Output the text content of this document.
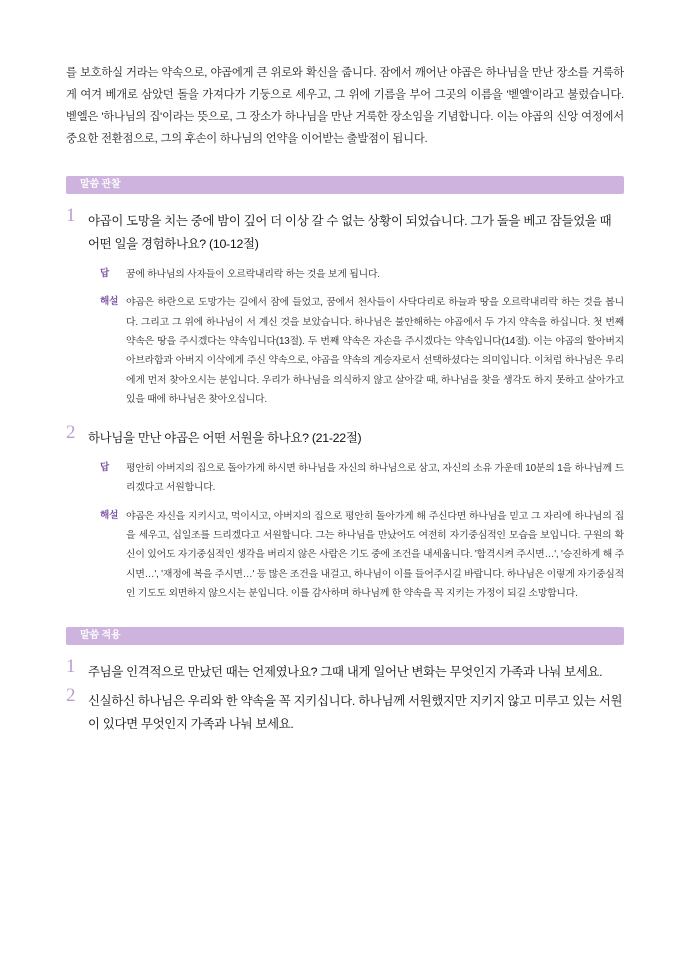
를 보호하실 거라는 약속으로, 야곱에게 큰 위로와 확신을 줍니다. 잠에서 깨어난 야곱은 하나님을 만난 장소를 거룩하게 여겨 베개로 삼았던 돌을 가져다가 기둥으로 세우고, 그 위에 기름을 부어 그곳의 이름을 '벧엘'이라고 불렀습니다. 벧엘은 '하나님의 집'이라는 뜻으로, 그 장소가 하나님을 만난 거룩한 장소임을 기념합니다. 이는 야곱의 신앙 여정에서 중요한 전환점으로, 그의 후손이 하나님의 언약을 이어받는 출발점이 됩니다.

말씀 관찰
1 야곱이 도망을 치는 중에 밤이 깊어 더 이상 갈 수 없는 상황이 되었습니다. 그가 돌을 베고 잠들었을 때 어떤 일을 경험하나요? (10-12절)

답	꿈에 하나님의 사자들이 오르락내리락 하는 것을 보게 됩니다.
해설 야곱은 하란으로 도망가는 길에서 잠에 들었고, 꿈에서 천사들이 사닥다리로 하늘과 땅을 오르락내리락 하는 것을 봅니다. 그리고 그 위에 하나님이 서 계신 것을 보았습니다. 하나님은 불안해하는 야곱에서 두 가지 약속을 하십니다. 첫 번째 약속은 땅을 주시겠다는 약속입니다(13절). 두 번째 약속은 자손을 주시겠다는 약속입니다(14절). 이는 야곱의 할아버지 아브라함과 아버지 이삭에게 주신 약속으로, 야곱을 약속의 계승자로서 선택하셨다는 의미입니다. 이처럼 하나님은 우리에게 먼저 찾아오시는 분입니다. 우리가 하나님을 의식하지 않고 살아갈 때, 하나님을 찾을 생각도 하지 못하고 살아가고 있을 때에 하나님은 찾아오십니다.
2 하나님을 만난 야곱은 어떤 서원을 하나요? (21-22절)

답	평안히 아버지의 집으로 돌아가게 하시면 하나님을 자신의 하나님으로 삼고, 자신의 소유 가운데 10분의 1을 하나님께 드리겠다고 서원합니다.
해설 야곱은 자신을 지키시고, 먹이시고, 아버지의 집으로 평안히 돌아가게 해 주신다면 하나님을 믿고 그 자리에 하나님의 집을 세우고, 십일조를 드리겠다고 서원합니다. 그는 하나님을 만났어도 여전히 자기중심적인 모습을 보입니다. 구원의 확신이 있어도 자기중심적인 생각을 버리지 않은 사람은 기도 중에 조건을 내세웁니다. '합격시켜 주시면…', '승진하게 해 주시면…', '재정에 복을 주시면…' 등 많은 조건을 내걸고, 하나님이 이를 들어주시길 바랍니다. 하나님은 이렇게 자기중심적인 기도도 외면하지 않으시는 분입니다. 이를 감사하며 하나님께 한 약속을 꼭 지키는 가정이 되길 소망합니다.
말씀 적용
1 주님을 인격적으로 만났던 때는 언제였나요? 그때 내게 일어난 변화는 무엇인지 가족과 나눠 보세요.

2 신실하신 하나님은 우리와 한 약속을 꼭 지키십니다. 하나님께 서원했지만 지키지 않고 미루고 있는 서원이 있다면 무엇인지 가족과 나눠 보세요.
